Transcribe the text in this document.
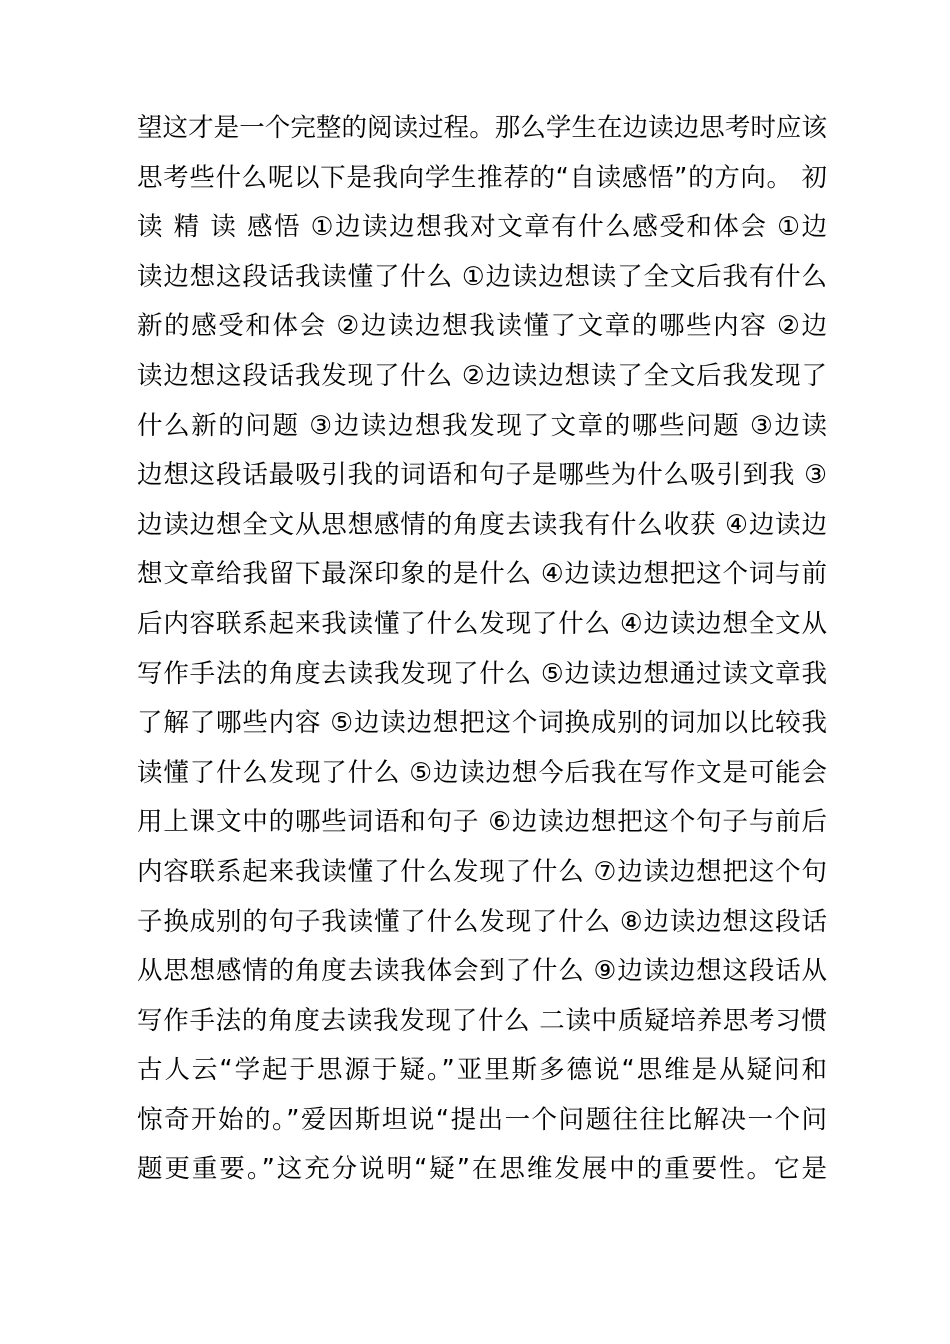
望这才是一个完整的阅读过程。那么学生在边读边思考时应该
思考些什么呢以下是我向学生推荐的“自读感悟”的方向。 初
读 精 读 感悟 ①边读边想我对文章有什么感受和体会 ①边
读边想这段话我读懂了什么 ①边读边想读了全文后我有什么
新的感受和体会 ②边读边想我读懂了文章的哪些内容 ②边
读边想这段话我发现了什么 ②边读边想读了全文后我发现了
什么新的问题 ③边读边想我发现了文章的哪些问题 ③边读
边想这段话最吸引我的词语和句子是哪些为什么吸引到我 ③
边读边想全文从思想感情的角度去读我有什么收获 ④边读边
想文章给我留下最深印象的是什么 ④边读边想把这个词与前
后内容联系起来我读懂了什么发现了什么 ④边读边想全文从
写作手法的角度去读我发现了什么 ⑤边读边想通过读文章我
了解了哪些内容 ⑤边读边想把这个词换成别的词加以比较我
读懂了什么发现了什么 ⑤边读边想今后我在写作文是可能会
用上课文中的哪些词语和句子 ⑥边读边想把这个句子与前后
内容联系起来我读懂了什么发现了什么 ⑦边读边想把这个句
子换成别的句子我读懂了什么发现了什么 ⑧边读边想这段话
从思想感情的角度去读我体会到了什么 ⑨边读边想这段话从
写作手法的角度去读我发现了什么 二读中质疑培养思考习惯
古人云“学起于思源于疑。”亚里斯多德说“思维是从疑问和
惊奇开始的。”爱因斯坦说“提出一个问题往往比解决一个问
题更重要。”这充分说明“疑”在思维发展中的重要性。它是
